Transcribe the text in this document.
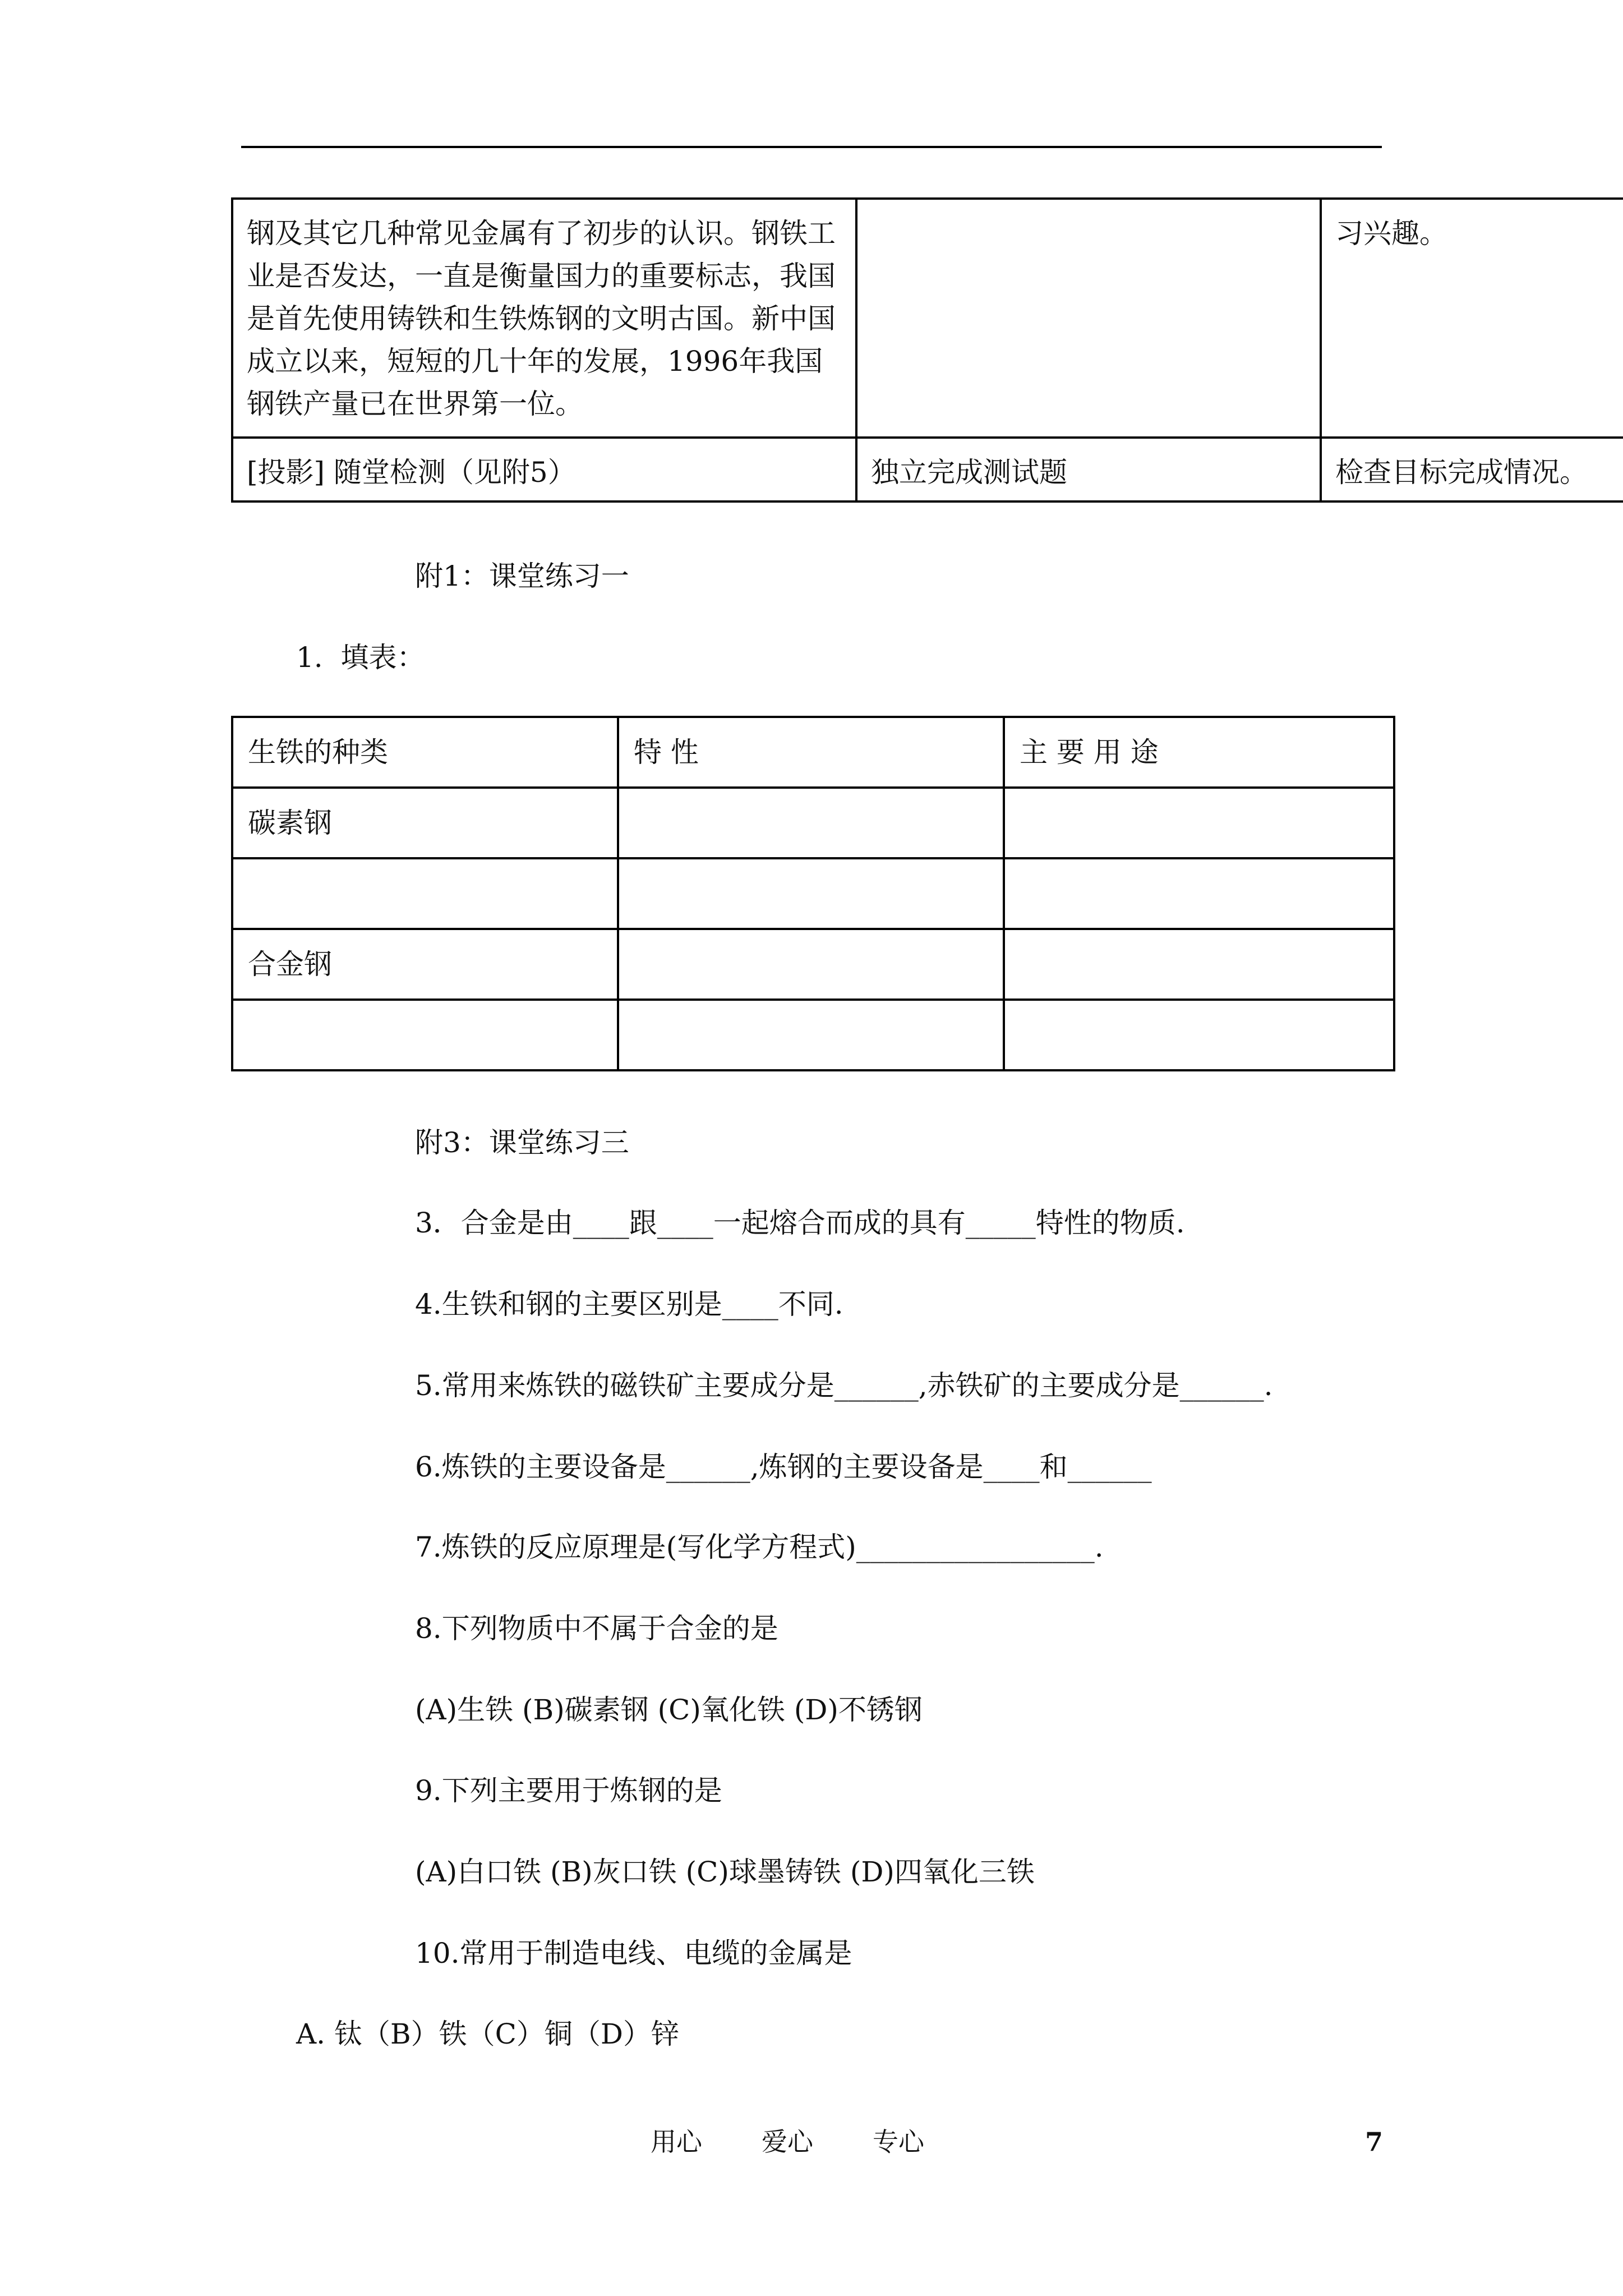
钢及其它几种常见金属有了初步的认识。钢铁工业是否发达，一直是衡量国力的重要标志，我国是首先使用铸铁和生铁炼钢的文明古国。新中国成立以来，短短的几十年的发展，1996年我国钢铁产量已在世界第一位。		习兴趣。
[投影] 随堂检测（见附5）	独立完成测试题	检查目标完成情况。
附1：课堂练习一
1.  填表：
生铁的种类	特 性	主 要 用 途
碳素钢		

合金钢		

附3：课堂练习三
3．合金是由____跟____一起熔合而成的具有_____特性的物质.
4.生铁和钢的主要区别是____不同.
5.常用来炼铁的磁铁矿主要成分是______,赤铁矿的主要成分是______.
6.炼铁的主要设备是______,炼钢的主要设备是____和______
7.炼铁的反应原理是(写化学方程式)_________________.
8.下列物质中不属于合金的是
(A)生铁 (B)碳素钢 (C)氧化铁 (D)不锈钢
9.下列主要用于炼钢的是
(A)白口铁 (B)灰口铁 (C)球墨铸铁 (D)四氧化三铁
10.常用于制造电线、电缆的金属是
A. 钛（B）铁（C）铜（D）锌
用心 爱心 专心	7
